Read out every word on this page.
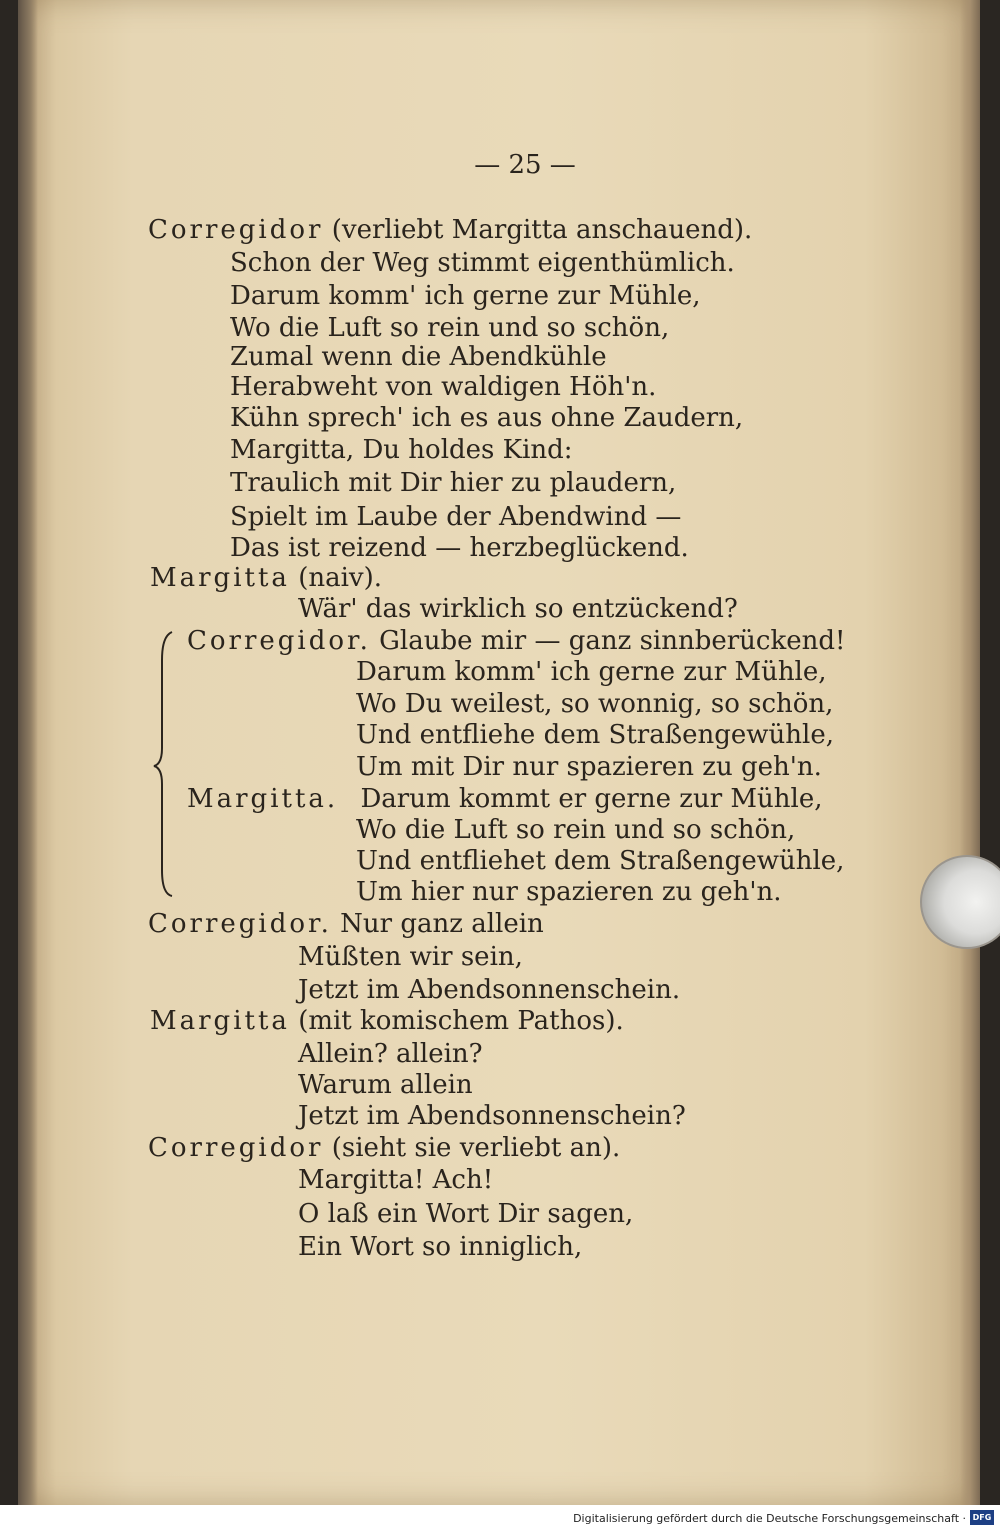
— 25 —
Corregidor (verliebt Margitta anschauend).
Schon der Weg stimmt eigenthümlich.
Darum komm' ich gerne zur Mühle,
Wo die Luft so rein und so schön,
Zumal wenn die Abendkühle
Herabweht von waldigen Höh'n.
Kühn sprech' ich es aus ohne Zaudern,
Margitta, Du holdes Kind:
Traulich mit Dir hier zu plaudern,
Spielt im Laube der Abendwind —
Das ist reizend — herzbeglückend.
Margitta (naiv).
Wär' das wirklich so entzückend?
Corregidor. Glaube mir — ganz sinnberückend!
Darum komm' ich gerne zur Mühle,
Wo Du weilest, so wonnig, so schön,
Und entfliehe dem Straßengewühle,
Um mit Dir nur spazieren zu geh'n.
Margitta. Darum kommt er gerne zur Mühle,
Wo die Luft so rein und so schön,
Und entfliehet dem Straßengewühle,
Um hier nur spazieren zu geh'n.
Corregidor. Nur ganz allein
Müßten wir sein,
Jetzt im Abendsonnenschein.
Margitta (mit komischem Pathos).
Allein? allein?
Warum allein
Jetzt im Abendsonnenschein?
Corregidor (sieht sie verliebt an).
Margitta! Ach!
O laß ein Wort Dir sagen,
Ein Wort so inniglich,
Digitalisierung gefördert durch die Deutsche Forschungsgemeinschaft · DFG
